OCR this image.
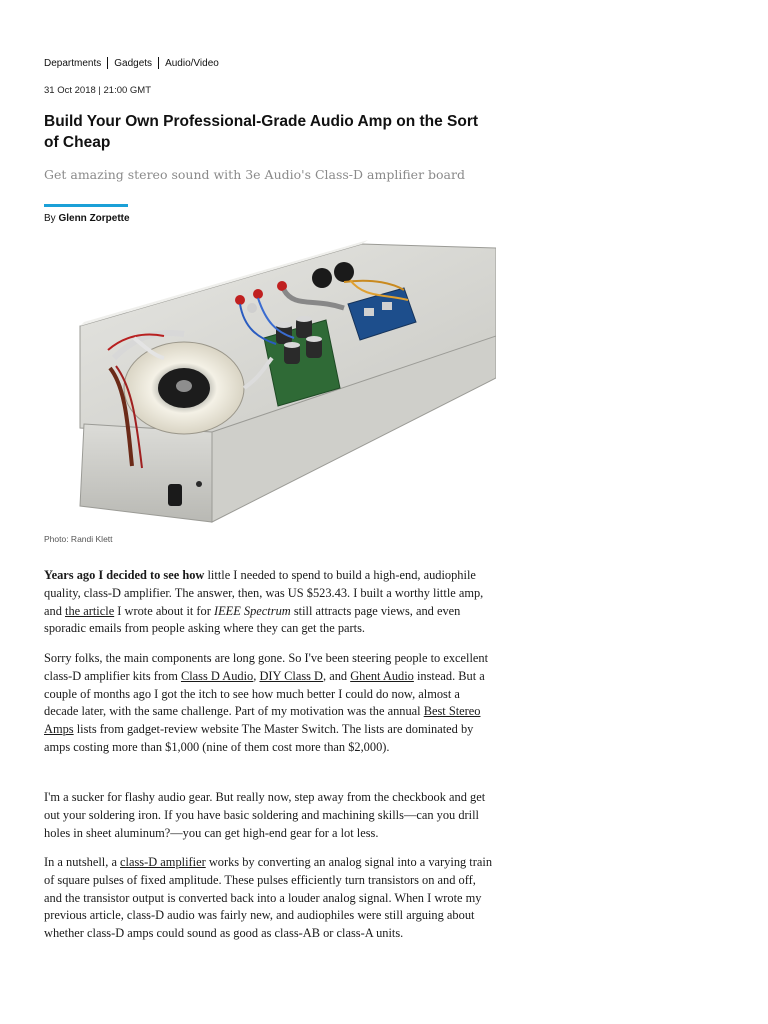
Departments Gadgets Audio/Video
31 Oct 2018 | 21:00 GMT
Build Your Own Professional-Grade Audio Amp on the Sort of Cheap
Get amazing stereo sound with 3e Audio's Class-D amplifier board
By Glenn Zorpette
Photo: Randi Klett

Years ago I decided to see how little I needed to spend to build a high-end, audiophile quality, class-D amplifier. The answer, then, was US $523.43. I built a worthy little amp, and the article I wrote about it for IEEE Spectrum still attracts page views, and even sporadic emails from people asking where they can get the parts.

Sorry folks, the main components are long gone. So I've been steering people to excellent class-D amplifier kits from Class D Audio, DIY Class D, and Ghent Audio instead. But a couple of months ago I got the itch to see how much better I could do now, almost a decade later, with the same challenge. Part of my motivation was the annual Best Stereo Amps lists from gadget-review website The Master Switch. The lists are dominated by amps costing more than $1,000 (nine of them cost more than $2,000).

I'm a sucker for flashy audio gear. But really now, step away from the checkbook and get out your soldering iron. If you have basic soldering and machining skills—can you drill holes in sheet aluminum?—you can get high-end gear for a lot less.

In a nutshell, a class-D amplifier works by converting an analog signal into a varying train of square pulses of fixed amplitude. These pulses efficiently turn transistors on and off, and the transistor output is converted back into a louder analog signal. When I wrote my previous article, class-D audio was fairly new, and audiophiles were still arguing about whether class-D amps could sound as good as class-AB or class-A units.
